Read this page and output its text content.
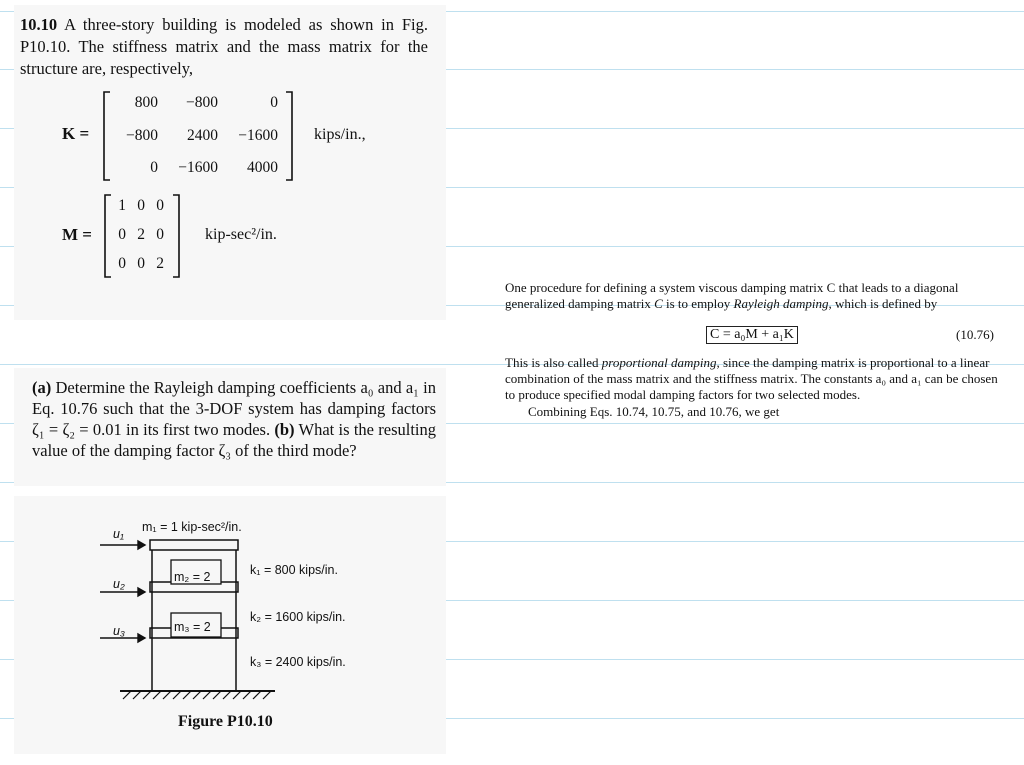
10.10 A three-story building is modeled as shown in Fig. P10.10. The stiffness matrix and the mass matrix for the structure are, respectively,
K =
800	−800	0
−800	2400	−1600
0	−1600	4000
kips/in.,
M =
1 0 0
0 2 0
0 0 2
kip-sec²/in.
(a) Determine the Rayleigh damping coefficients a₀ and a₁ in Eq. 10.76 such that the 3-DOF system has damping factors ζ₁ = ζ₂ = 0.01 in its first two modes. (b) What is the resulting value of the damping factor ζ₃ of the third mode?
u₁ m₁ = 1 kip-sec²/in.
u₂
u₃
m₂ = 2
m₃ = 2
k₁ = 800 kips/in.
k₂ = 1600 kips/in.
k₃ = 2400 kips/in.
Figure P10.10
One procedure for defining a system viscous damping matrix C that leads to a diagonal generalized damping matrix C is to employ Rayleigh damping, which is defined by
C = a₀M + a₁K	(10.76)
This is also called proportional damping, since the damping matrix is proportional to a linear combination of the mass matrix and the stiffness matrix. The constants a₀ and a₁ can be chosen to produce specified modal damping factors for two selected modes.
Combining Eqs. 10.74, 10.75, and 10.76, we get
